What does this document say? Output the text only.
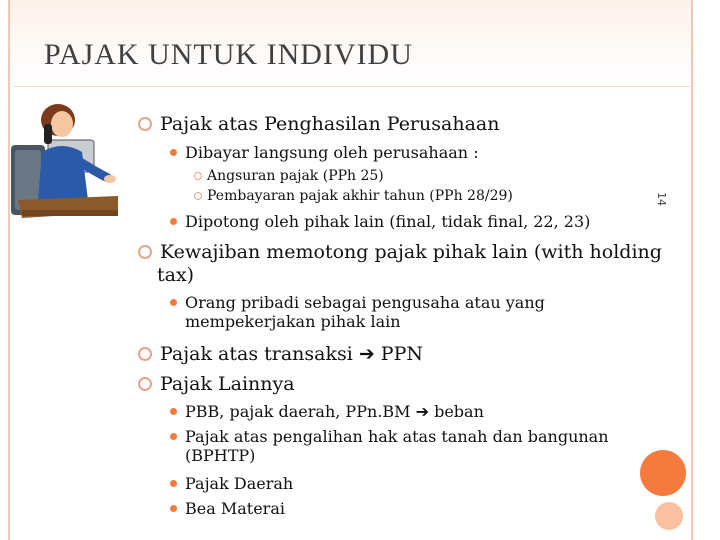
PAJAK UNTUK INDIVIDU
14
Pajak atas Penghasilan Perusahaan
Dibayar langsung oleh perusahaan :
Angsuran pajak (PPh 25)
Pembayaran pajak akhir tahun (PPh 28/29)
Dipotong oleh pihak lain (final, tidak final, 22, 23)
Kewajiban memotong pajak pihak lain (with holding
tax)
Orang pribadi sebagai pengusaha atau yang
mempekerjakan pihak lain
Pajak atas transaksi ➔ PPN
Pajak Lainnya
PBB, pajak daerah, PPn.BM ➔ beban
Pajak atas pengalihan hak atas tanah dan bangunan
(BPHTP)
Pajak Daerah
Bea Materai
